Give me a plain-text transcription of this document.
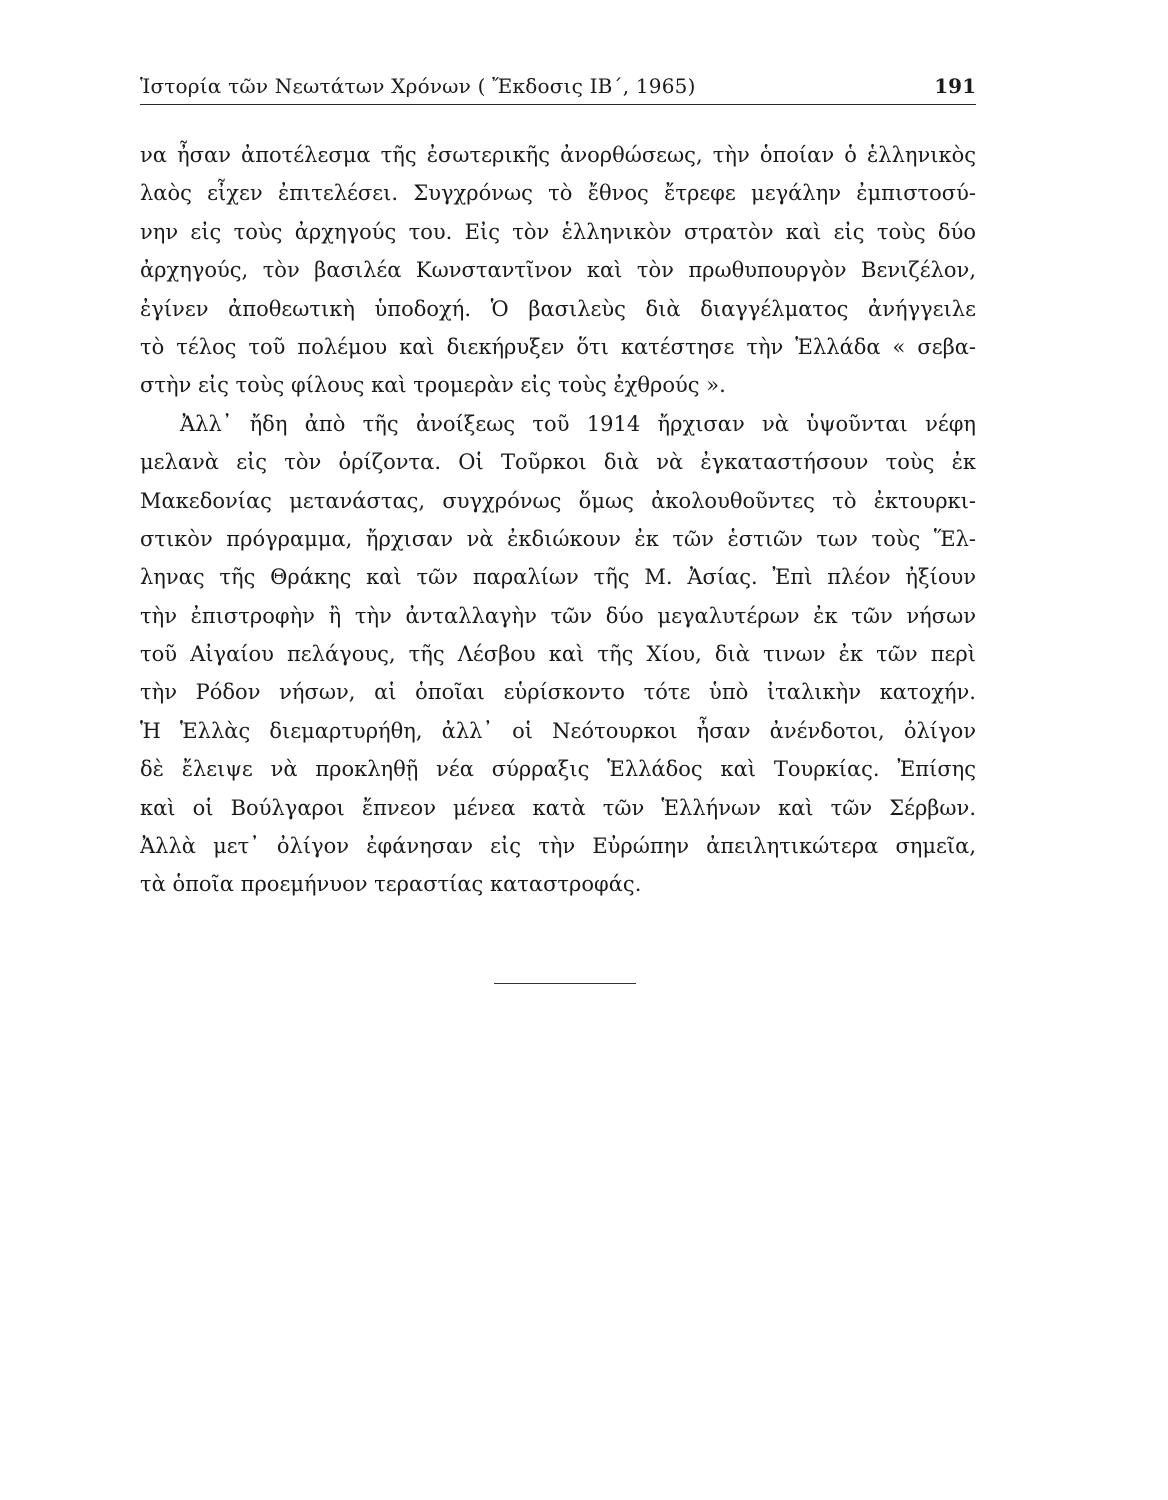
Ἱστορία τῶν Νεωτάτων Χρόνων ( Ἔκδοσις ΙΒ΄, 1965)	191
να ἦσαν ἀποτέλεσμα τῆς ἐσωτερικῆς ἀνορθώσεως, τὴν ὁποίαν ὁ ἑλληνικὸς
λαὸς εἶχεν ἐπιτελέσει. Συγχρόνως τὸ ἔθνος ἔτρεφε μεγάλην ἐμπιστοσύ-
νην εἰς τοὺς ἀρχηγούς του. Εἰς τὸν ἑλληνικὸν στρατὸν καὶ εἰς τοὺς δύο
ἀρχηγούς, τὸν βασιλέα Κωνσταντῖνον καὶ τὸν πρωθυπουργὸν Βενιζέλον,
ἐγίνεν ἀποθεωτικὴ ὑποδοχή. Ὁ βασιλεὺς διὰ διαγγέλματος ἀνήγγειλε
τὸ τέλος τοῦ πολέμου καὶ διεκήρυξεν ὅτι κατέστησε τὴν Ἑλλάδα « σεβα-
στὴν εἰς τοὺς φίλους καὶ τρομερὰν εἰς τοὺς ἐχθρούς ».
Ἀλλ᾽ ἤδη ἀπὸ τῆς ἀνοίξεως τοῦ 1914 ἤρχισαν νὰ ὑψοῦνται νέφη
μελανὰ εἰς τὸν ὁρίζοντα. Οἱ Τοῦρκοι διὰ νὰ ἐγκαταστήσουν τοὺς ἐκ
Μακεδονίας μετανάστας, συγχρόνως ὅμως ἀκολουθοῦντες τὸ ἐκτουρκι-
στικὸν πρόγραμμα, ἤρχισαν νὰ ἐκδιώκουν ἐκ τῶν ἑστιῶν των τοὺς Ἕλ-
ληνας τῆς Θράκης καὶ τῶν παραλίων τῆς Μ. Ἀσίας. Ἐπὶ πλέον ἠξίουν
τὴν ἐπιστροφὴν ἢ τὴν ἀνταλλαγὴν τῶν δύο μεγαλυτέρων ἐκ τῶν νήσων
τοῦ Αἰγαίου πελάγους, τῆς Λέσβου καὶ τῆς Χίου, διὰ τινων ἐκ τῶν περὶ
τὴν Ρόδον νήσων, αἱ ὁποῖαι εὑρίσκοντο τότε ὑπὸ ἰταλικὴν κατοχήν.
Ἡ Ἑλλὰς διεμαρτυρήθη, ἀλλ᾽ οἱ Νεότουρκοι ἦσαν ἀνένδοτοι, ὀλίγον
δὲ ἔλειψε νὰ προκληθῇ νέα σύρραξις Ἑλλάδος καὶ Τουρκίας. Ἐπίσης
καὶ οἱ Βούλγαροι ἔπνεον μένεα κατὰ τῶν Ἑλλήνων καὶ τῶν Σέρβων.
Ἀλλὰ μετ᾽ ὀλίγον ἐφάνησαν εἰς τὴν Εὐρώπην ἀπειλητικώτερα σημεῖα,
τὰ ὁποῖα προεμήνυον τεραστίας καταστροφάς.
